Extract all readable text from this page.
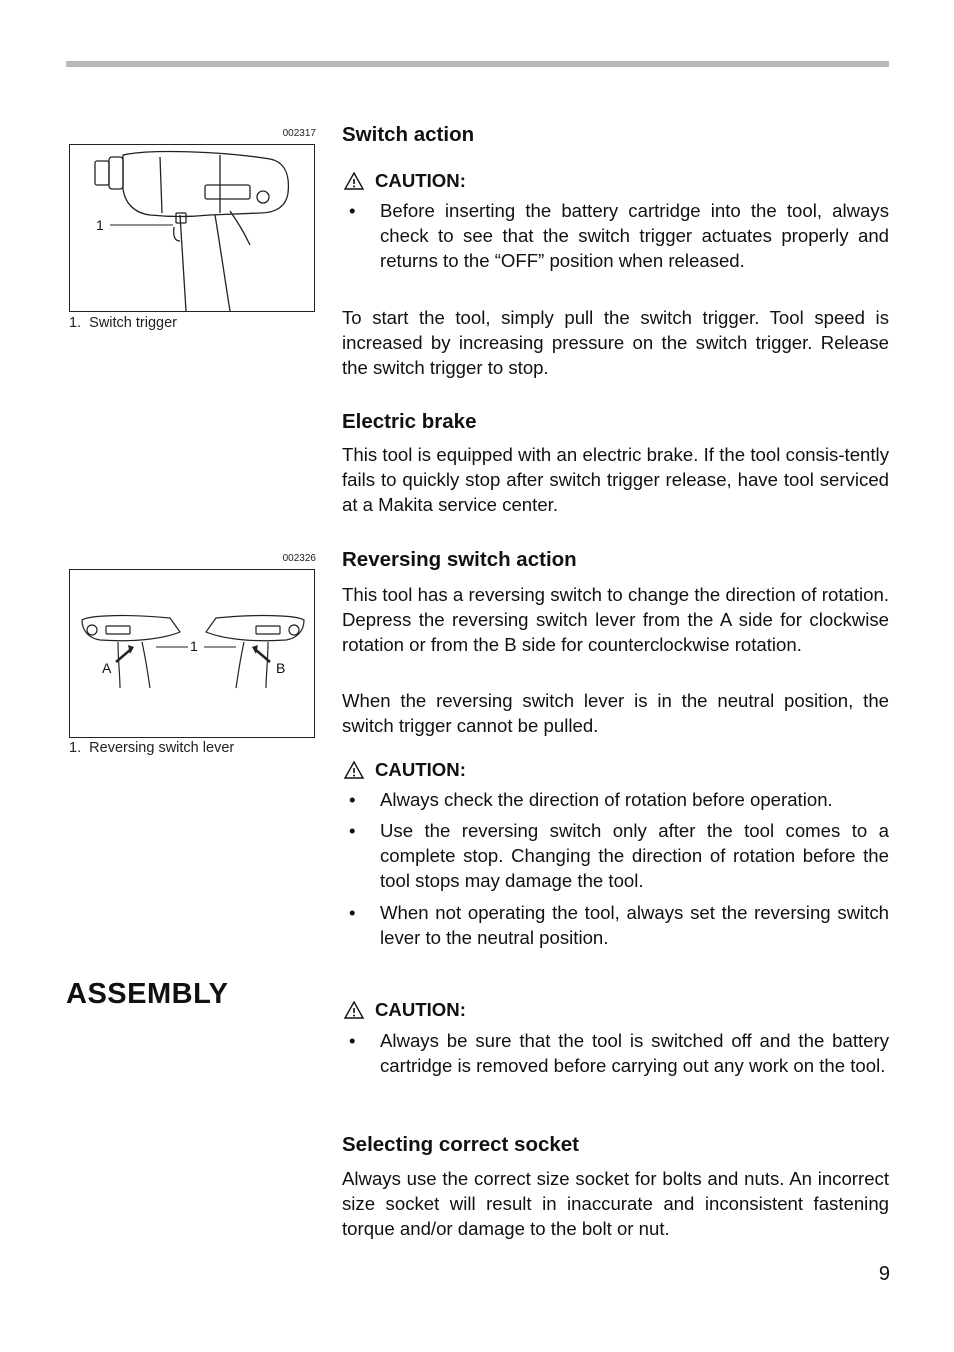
002317
1
1. Switch trigger
002326
1
A	B
1. Reversing switch lever
Switch action
CAUTION:
• Before inserting the battery cartridge into the tool, always check to see that the switch trigger actuates properly and returns to the “OFF” position when released.
To start the tool, simply pull the switch trigger. Tool speed is increased by increasing pressure on the switch trigger. Release the switch trigger to stop.
Electric brake
This tool is equipped with an electric brake. If the tool consis-tently fails to quickly stop after switch trigger release, have tool serviced at a Makita service center.
Reversing switch action
This tool has a reversing switch to change the direction of rotation. Depress the reversing switch lever from the A side for clockwise rotation or from the B side for counterclockwise rotation.
When the reversing switch lever is in the neutral position, the switch trigger cannot be pulled.
CAUTION:
• Always check the direction of rotation before operation.
• Use the reversing switch only after the tool comes to a complete stop. Changing the direction of rotation before the tool stops may damage the tool.
• When not operating the tool, always set the reversing switch lever to the neutral position.
ASSEMBLY	CAUTION:
• Always be sure that the tool is switched off and the battery cartridge is removed before carrying out any work on the tool.
Selecting correct socket
Always use the correct size socket for bolts and nuts. An incorrect size socket will result in inaccurate and inconsistent fastening torque and/or damage to the bolt or nut.
9
